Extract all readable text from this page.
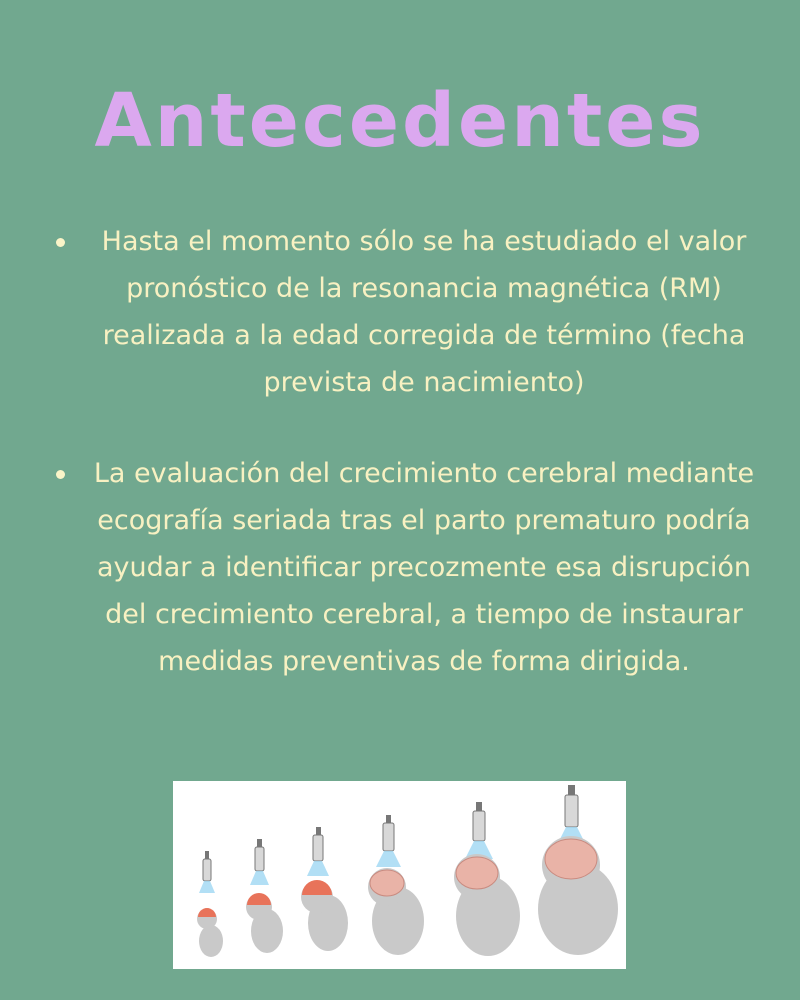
Antecedentes

Hasta el momento sólo se ha estudiado el valor pronóstico de la resonancia magnética (RM) realizada a la edad corregida de término (fecha prevista de nacimiento)

La evaluación del crecimiento cerebral mediante ecografía seriada tras el parto prematuro podría ayudar a identificar precozmente esa disrupción del crecimiento cerebral, a tiempo de instaurar medidas preventivas de forma dirigida.
